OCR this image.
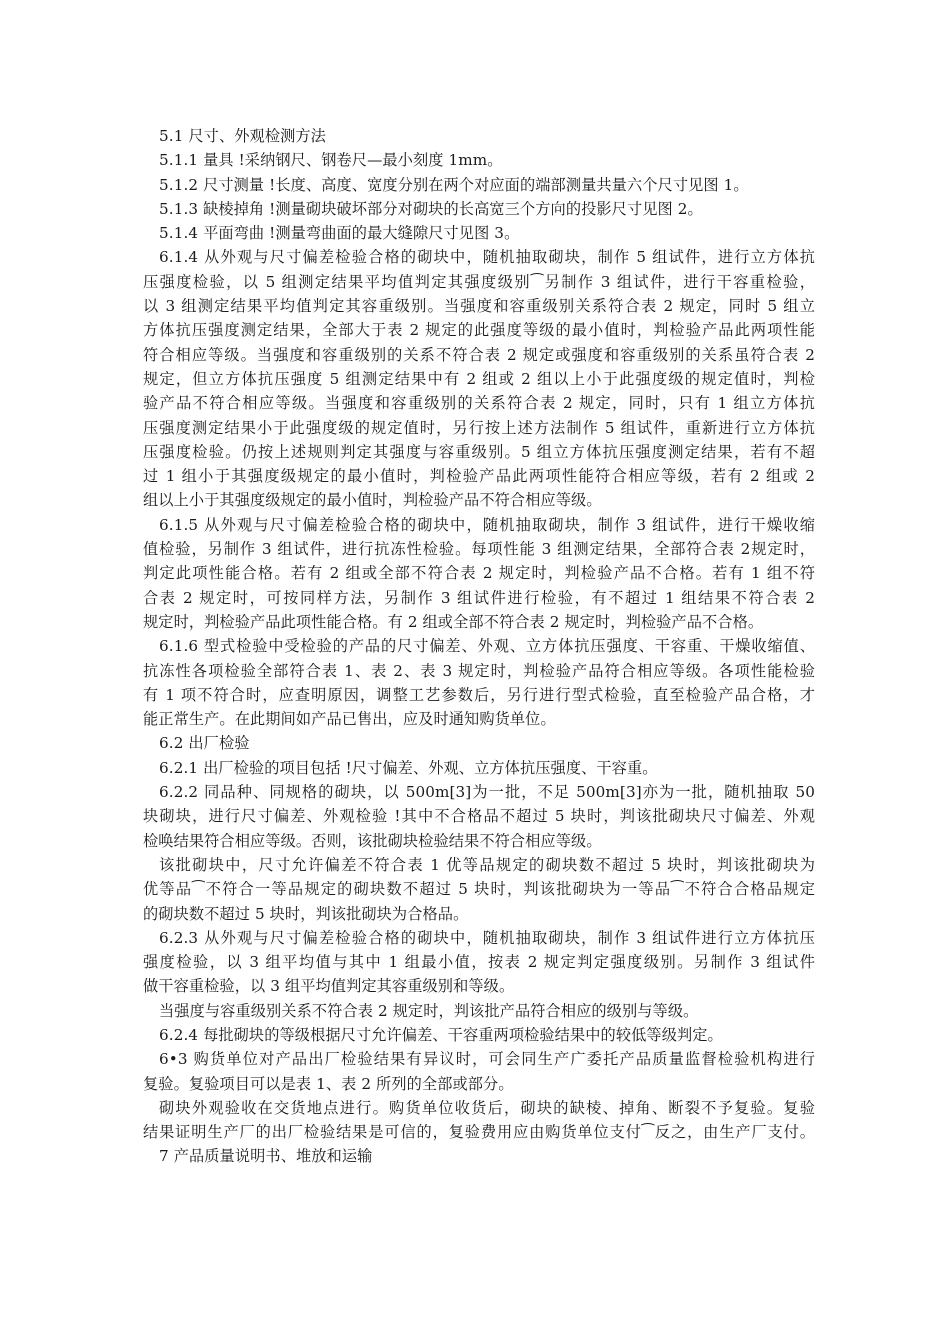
5.1 尺寸、外观检测方法
5.1.1 量具 !采纳钢尺、钢卷尺—最小刻度 1mm。
5.1.2 尺寸测量 !长度、高度、宽度分别在两个对应面的端部测量共量六个尺寸见图 1。
5.1.3 缺棱掉角 !测量砌块破坏部分对砌块的长高宽三个方向的投影尺寸见图 2。
5.1.4 平面弯曲 !测量弯曲面的最大缝隙尺寸见图 3。
6.1.4 从外观与尺寸偏差检验合格的砌块中，随机抽取砌块，制作 5 组试件，进行立方体抗
压强度检验，以 5 组测定结果平均值判定其强度级别⁀另制作 3 组试件，进行干容重检验，
以 3 组测定结果平均值判定其容重级别。当强度和容重级别关系符合表 2 规定，同时 5 组立
方体抗压强度测定结果，全部大于表 2 规定的此强度等级的最小值时，判检验产品此两项性能
符合相应等级。当强度和容重级别的关系不符合表 2 规定或强度和容重级别的关系虽符合表 2
规定，但立方体抗压强度 5 组测定结果中有 2 组或 2 组以上小于此强度级的规定值时，判检
验产品不符合相应等级。当强度和容重级别的关系符合表 2 规定，同时，只有 1 组立方体抗
压强度测定结果小于此强度级的规定值时，另行按上述方法制作 5 组试件，重新进行立方体抗
压强度检验。仍按上述规则判定其强度与容重级别。5 组立方体抗压强度测定结果，若有不超
过 1 组小于其强度级规定的最小值时，判检验产品此两项性能符合相应等级，若有 2 组或 2
组以上小于其强度级规定的最小值时，判检验产品不符合相应等级。
6.1.5 从外观与尺寸偏差检验合格的砌块中，随机抽取砌块，制作 3 组试件，进行干燥收缩
值检验，另制作 3 组试件，进行抗冻性检验。每项性能 3 组测定结果，全部符合表 2规定时，
判定此项性能合格。若有 2 组或全部不符合表 2 规定时，判检验产品不合格。若有 1 组不符
合表 2 规定时，可按同样方法，另制作 3 组试件进行检验，有不超过 1 组结果不符合表 2
规定时，判检验产品此项性能合格。有 2 组或全部不符合表 2 规定时，判检验产品不合格。
6.1.6 型式检验中受检验的产品的尺寸偏差、外观、立方体抗压强度、干容重、干燥收缩值、
抗冻性各项检验全部符合表 1、表 2、表 3 规定时，判检验产品符合相应等级。各项性能检验
有 1 项不符合时，应查明原因，调整工艺参数后，另行进行型式检验，直至检验产品合格，才
能正常生产。在此期间如产品已售出，应及时通知购货单位。
6.2 出厂检验
6.2.1 出厂检验的项目包括 !尺寸偏差、外观、立方体抗压强度、干容重。
6.2.2 同品种、同规格的砌块，以 500m[3]为一批，不足 500m[3]亦为一批，随机抽取 50
块砌块，进行尺寸偏差、外观检验 !其中不合格品不超过 5 块时，判该批砌块尺寸偏差、外观
检唤结果符合相应等级。否则，该批砌块检验结果不符合相应等级。
该批砌块中，尺寸允许偏差不符合表 1 优等品规定的砌块数不超过 5 块时，判该批砌块为
优等品⁀不符合一等品规定的砌块数不超过 5 块时，判该批砌块为一等品⁀不符合合格品规定
的砌块数不超过 5 块时，判该批砌块为合格品。
6.2.3 从外观与尺寸偏差检验合格的砌块中，随机抽取砌块，制作 3 组试件进行立方体抗压
强度检验，以 3 组平均值与其中 1 组最小值，按表 2 规定判定强度级别。另制作 3 组试件
做干容重检验，以 3 组平均值判定其容重级别和等级。
当强度与容重级别关系不符合表 2 规定时，判该批产品符合相应的级别与等级。
6.2.4 每批砌块的等级根据尺寸允许偏差、干容重两项检验结果中的较低等级判定。
6•3 购货单位对产品出厂检验结果有异议时，可会同生产广委托产品质量监督检验机构进行
复验。复验项目可以是表 1、表 2 所列的全部或部分。
砌块外观验收在交货地点进行。购货单位收货后，砌块的缺棱、掉角、断裂不予复验。复验
结果证明生产厂的出厂检验结果是可信的，复验费用应由购货单位支付⁀反之，由生产厂支付。
7 产品质量说明书、堆放和运输
